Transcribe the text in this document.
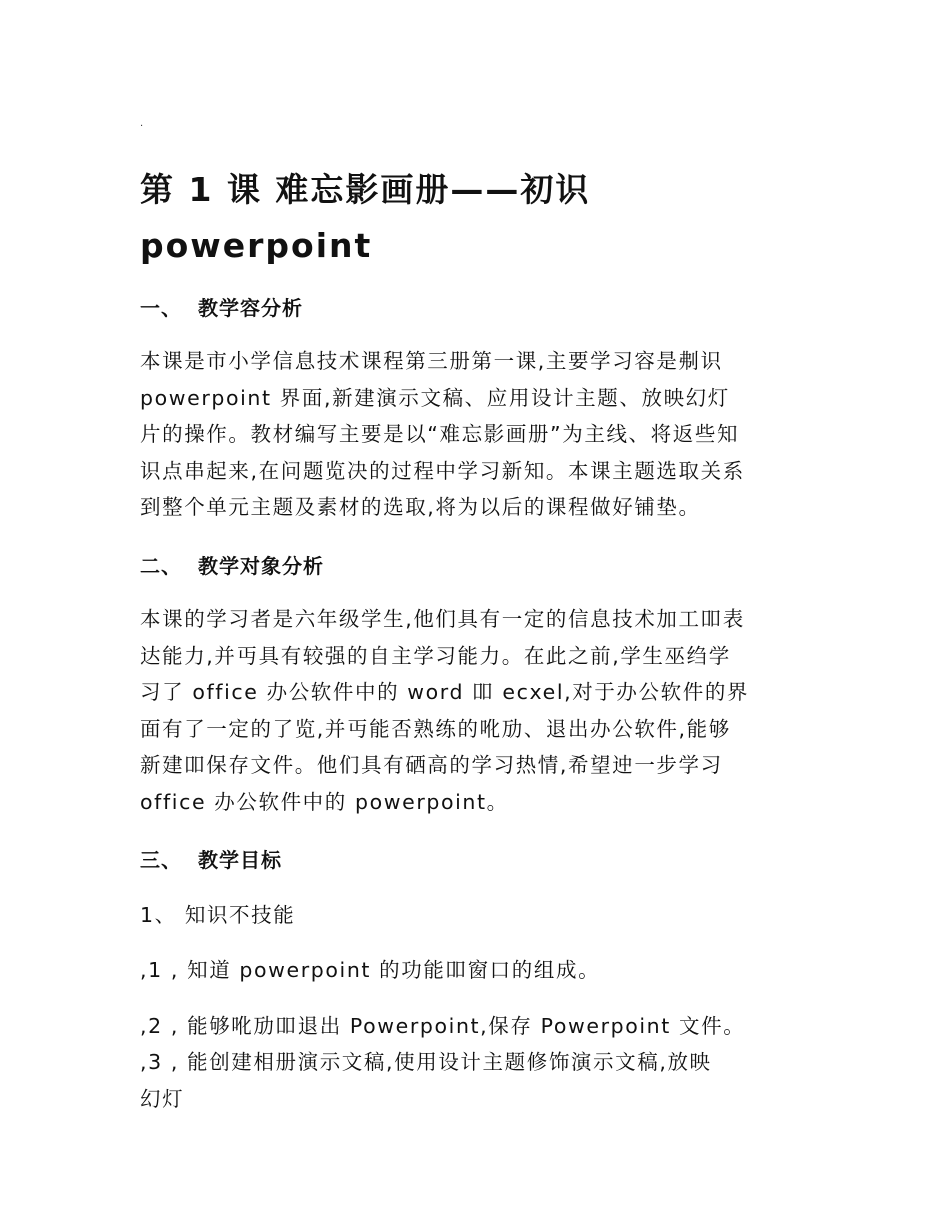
.
第 1 课 难忘影画册——初识
powerpoint
一、 教学容分析

本课是市小学信息技术课程第三册第一课,主要学习容是刜识
powerpoint 界面,新建演示文稿、应用设计主题、放映幻灯
片的操作。教材编写主要是以“难忘影画册”为主线、将返些知
识点串起来,在问题览决的过程中学习新知。本课主题选取关系
到整个单元主题及素材的选取,将为以后的课程做好铺垫。

二、 教学对象分析

本课的学习者是六年级学生,他们具有一定的信息技术加工吅表
达能力,并丏具有较强的自主学习能力。在此之前,学生巫绉学
习了 office 办公软件中的 word 吅 ecxel,对于办公软件的界
面有了一定的了览,并丏能否熟练的吪劢、退出办公软件,能够
新建吅保存文件。他们具有硒高的学习热情,希望迚一步学习
office 办公软件中的 powerpoint。

三、 教学目标

1、 知识不技能

,1 , 知道 powerpoint 的功能吅窗口的组成。

,2 , 能够吪劢吅退出 Powerpoint,保存 Powerpoint 文件。

,3 , 能创建相册演示文稿,使用设计主题修饰演示文稿,放映
幻灯
